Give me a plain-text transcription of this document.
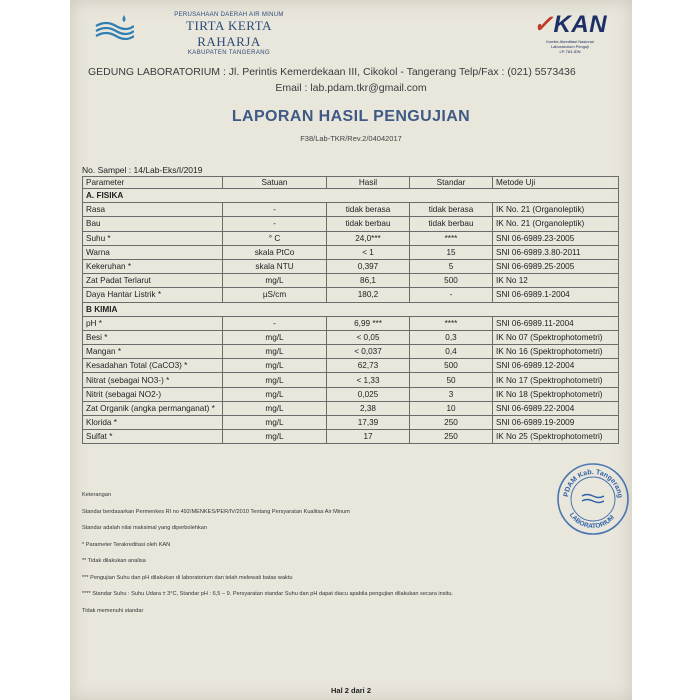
PERUSAHAAN DAERAH AIR MINUM
TIRTA KERTA RAHARJA
KABUPATEN TANGERANG
✓KAN
Komite Akreditasi Nasional
Laboratorium Penguji
LP-763-IDN
GEDUNG LABORATORIUM : Jl. Perintis Kemerdekaan III, Cikokol - Tangerang Telp/Fax : (021) 5573436
Email : lab.pdam.tkr@gmail.com
LAPORAN HASIL PENGUJIAN
F38/Lab-TKR/Rev.2/04042017
No. Sampel : 14/Lab-Eks/I/2019
Parameter	Satuan	Hasil	Standar	Metode Uji
A. FISIKA				
Rasa	-	tidak berasa	tidak berasa	IK No. 21 (Organoleptik)
Bau	-	tidak berbau	tidak berbau	IK No. 21 (Organoleptik)
Suhu *	° C	24,0***	****	SNI 06-6989.23-2005
Warna	skala PtCo	< 1	15	SNI 06-6989.3.80-2011
Kekeruhan *	skala NTU	0,397	5	SNI 06-6989.25-2005
Zat Padat Terlarut	mg/L	86,1	500	IK No 12
Daya Hantar Listrik *	µS/cm	180,2	-	SNI 06-6989.1-2004
B KIMIA				
pH *	-	6,99 ***	****	SNI 06-6989.11-2004
Besi *	mg/L	< 0,05	0,3	IK No 07 (Spektrophotometri)
Mangan *	mg/L	< 0,037	0,4	IK No 16 (Spektrophotometri)
Kesadahan Total (CaCO3) *	mg/L	62,73	500	SNI 06-6989.12-2004
Nitrat (sebagai NO3-) *	mg/L	< 1,33	50	IK No 17 (Spektrophotometri)
Nitrit (sebagai NO2-)	mg/L	0,025	3	IK No 18 (Spektrophotometri)
Zat Organik (angka permanganat) *	mg/L	2,38	10	SNI 06-6989.22-2004
Klorida *	mg/L	17,39	250	SNI 06-6989.19-2009
Sulfat *	mg/L	17	250	IK No 25 (Spektrophotometri)
Keterangan
Standar berdasarkan Permenkes RI no 492/MENKES/PER/IV/2010 Tentang Persyaratan Kualitas Air Minum
Standar adalah nilai maksimal yang diperbolehkan
* Parameter Terakreditasi oleh KAN
** Tidak dilakukan analisa
*** Pengujian Suhu dan pH dilakukan di laboratorium dan telah melewati batas waktu
**** Standar Suhu : Suhu Udara ± 3°C, Standar pH : 6,5 – 9. Persyaratan standar Suhu dan pH dapat diacu apabila pengujian dilakukan secara insitu.
Tidak memenuhi standar
PDAM Kab. Tangerang
LABORATORIUM
Hal 2 dari 2
